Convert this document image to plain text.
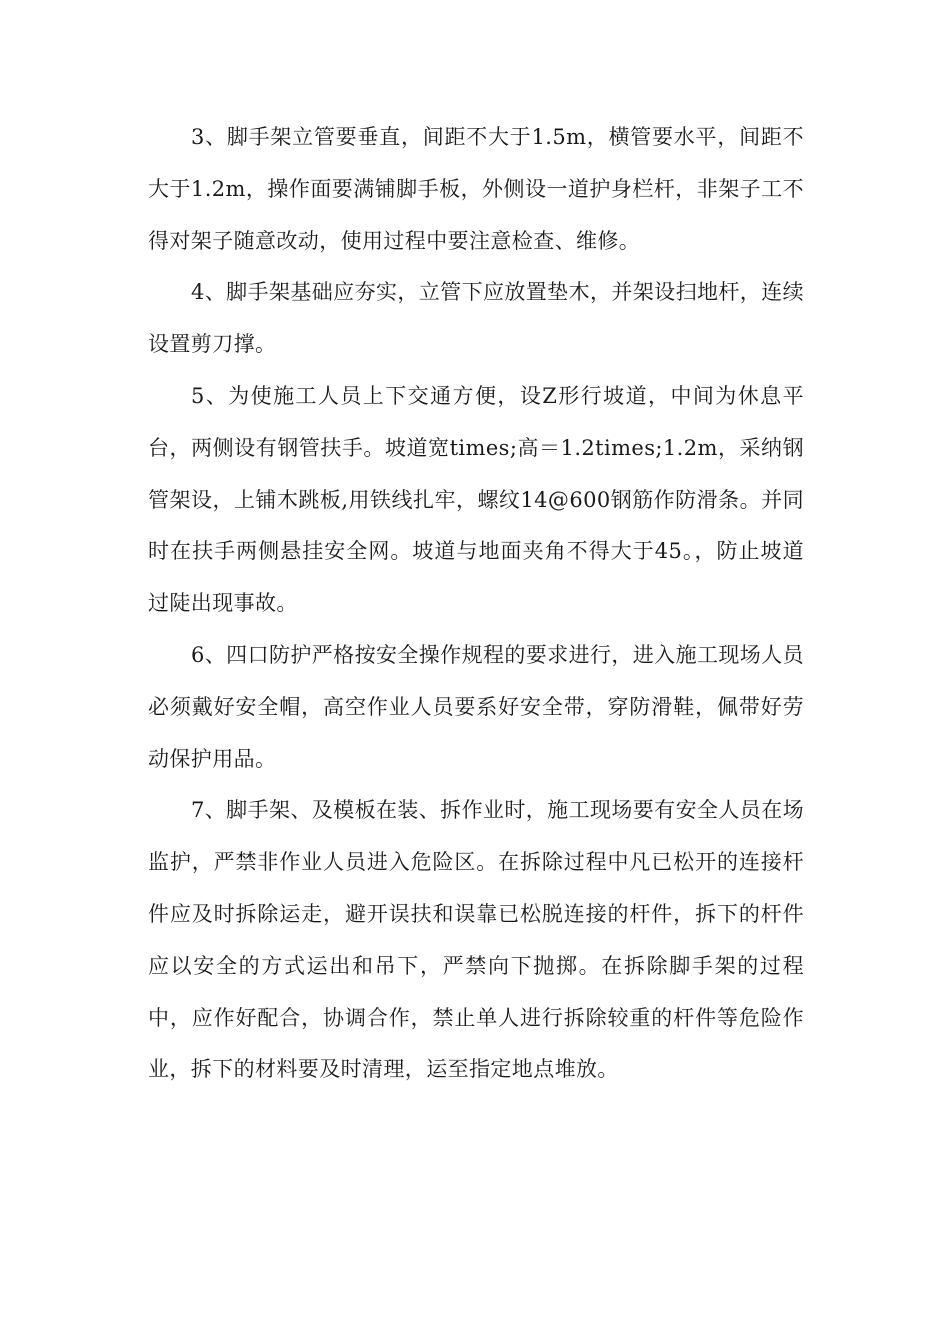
3、脚手架立管要垂直，间距不大于1.5m，横管要水平，间距不大于1.2m，操作面要满铺脚手板，外侧设一道护身栏杆，非架子工不得对架子随意改动，使用过程中要注意检查、维修。

4、脚手架基础应夯实，立管下应放置垫木，并架设扫地杆，连续设置剪刀撑。

5、为使施工人员上下交通方便，设Z形行坡道，中间为休息平台，两侧设有钢管扶手。坡道宽times;高＝1.2times;1.2m，采纳钢管架设，上铺木跳板,用铁线扎牢，螺纹14@600钢筋作防滑条。并同时在扶手两侧悬挂安全网。坡道与地面夹角不得大于45。，防止坡道过陡出现事故。

6、四口防护严格按安全操作规程的要求进行，进入施工现场人员必须戴好安全帽，高空作业人员要系好安全带，穿防滑鞋，佩带好劳动保护用品。

7、脚手架、及模板在装、拆作业时，施工现场要有安全人员在场监护，严禁非作业人员进入危险区。在拆除过程中凡已松开的连接杆件应及时拆除运走，避开误扶和误靠已松脱连接的杆件，拆下的杆件应以安全的方式运出和吊下，严禁向下抛掷。在拆除脚手架的过程中，应作好配合，协调合作，禁止单人进行拆除较重的杆件等危险作业，拆下的材料要及时清理，运至指定地点堆放。
